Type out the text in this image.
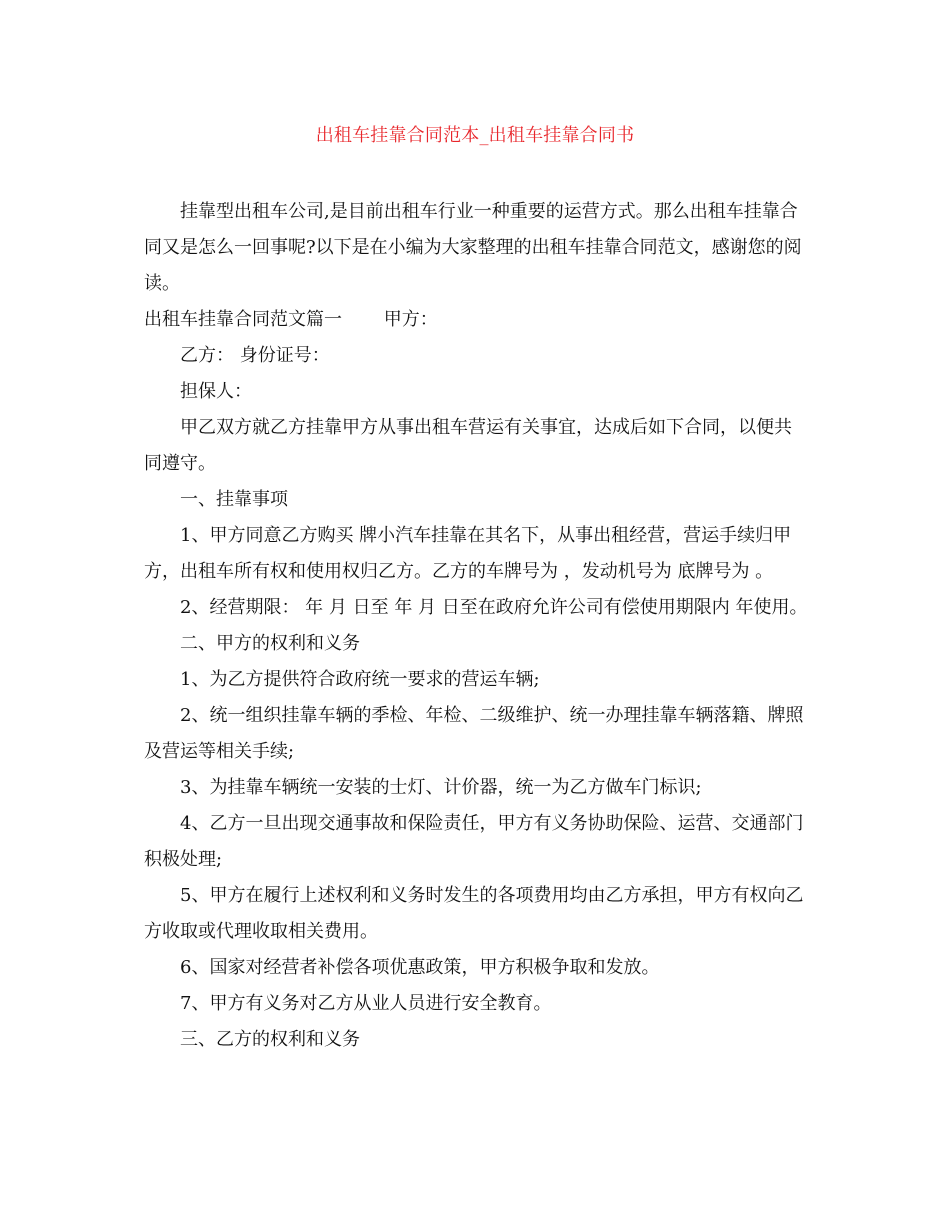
出租车挂靠合同范本_出租车挂靠合同书

挂靠型出租车公司,是目前出租车行业一种重要的运营方式。那么出租车挂靠合同又是怎么一回事呢?以下是在小编为大家整理的出租车挂靠合同范文，感谢您的阅读。

出租车挂靠合同范文篇一　　 甲方：

乙方： 身份证号：

担保人：

甲乙双方就乙方挂靠甲方从事出租车营运有关事宜，达成后如下合同，以便共同遵守。

一、挂靠事项

1、甲方同意乙方购买 牌小汽车挂靠在其名下，从事出租经营，营运手续归甲方，出租车所有权和使用权归乙方。乙方的车牌号为 ，发动机号为 底牌号为 。

2、经营期限： 年 月 日至 年 月 日至在政府允许公司有偿使用期限内 年使用。

二、甲方的权利和义务

1、为乙方提供符合政府统一要求的营运车辆;

2、统一组织挂靠车辆的季检、年检、二级维护、统一办理挂靠车辆落籍、牌照及营运等相关手续;

3、为挂靠车辆统一安装的士灯、计价器，统一为乙方做车门标识;

4、乙方一旦出现交通事故和保险责任，甲方有义务协助保险、运营、交通部门积极处理;

5、甲方在履行上述权利和义务时发生的各项费用均由乙方承担，甲方有权向乙方收取或代理收取相关费用。

6、国家对经营者补偿各项优惠政策，甲方积极争取和发放。

7、甲方有义务对乙方从业人员进行安全教育。

三、乙方的权利和义务
